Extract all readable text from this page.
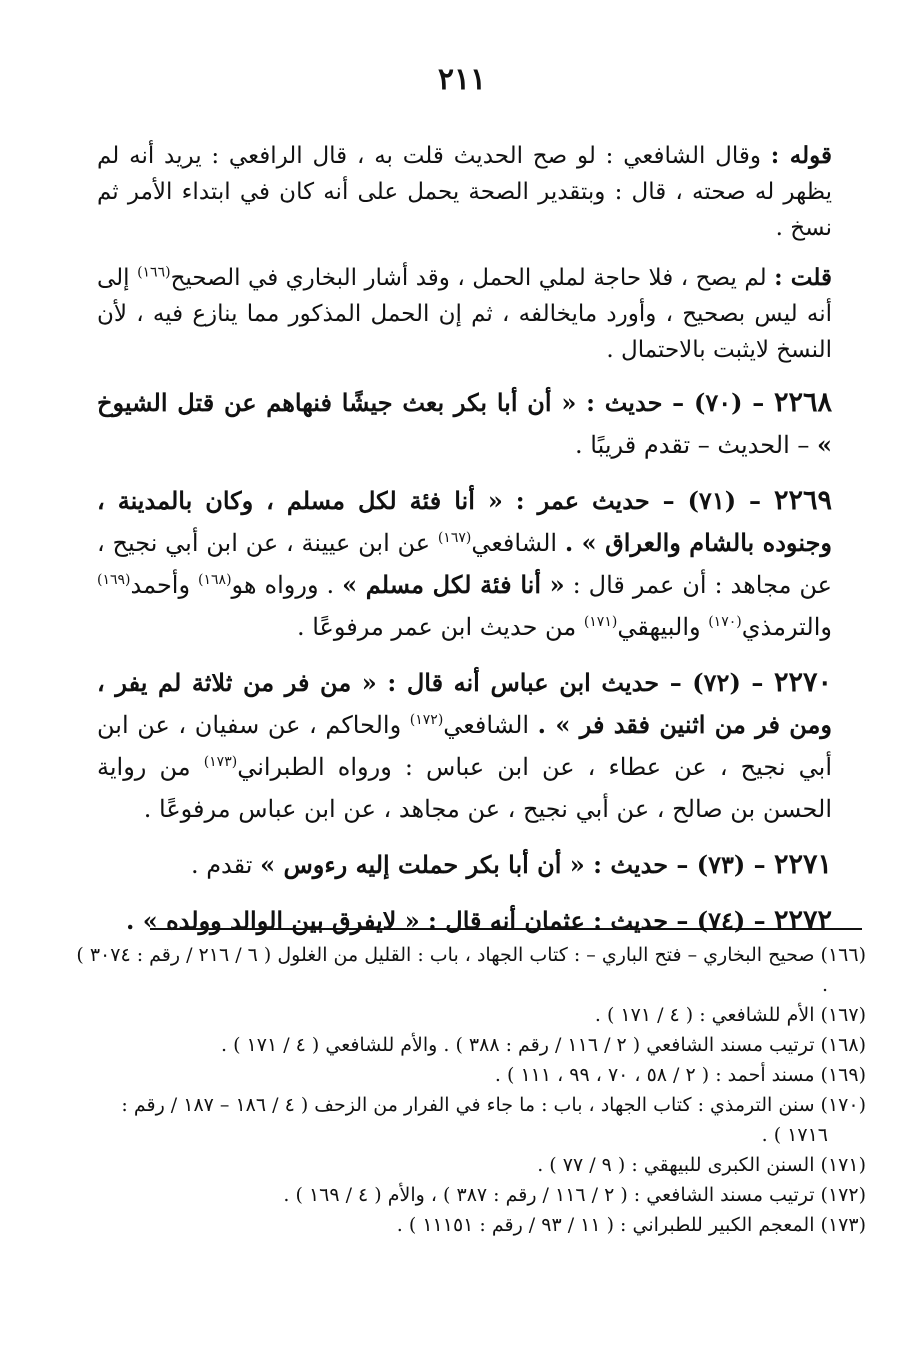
٢١١

قوله : وقال الشافعي : لو صح الحديث قلت به ، قال الرافعي : يريد أنه لم يظهر له صحته ، قال : وبتقدير الصحة يحمل على أنه كان في ابتداء الأمر ثم نسخ .

قلت : لم يصح ، فلا حاجة لملي الحمل ، وقد أشار البخاري في الصحيح$^{(١٦٦)}$ إلى أنه ليس بصحيح ، وأورد مايخالفه ، ثم إن الحمل المذكور مما ينازع فيه ، لأن النسخ لايثبت بالاحتمال .

٢٢٦٨ – (٧٠) – حديث : « أن أبا بكر بعث جيشًا فنهاهم عن قتل الشيوخ » – الحديث – تقدم قريبًا .

٢٢٦٩ – (٧١) – حديث عمر : « أنا فئة لكل مسلم ، وكان بالمدينة ، وجنوده بالشام والعراق » . الشافعي$^{(١٦٧)}$ عن ابن عيينة ، عن ابن أبي نجيح ، عن مجاهد : أن عمر قال : « أنا فئة لكل مسلم » . ورواه هو$^{(١٦٨)}$ وأحمد$^{(١٦٩)}$ والترمذي$^{(١٧٠)}$ والبيهقي$^{(١٧١)}$ من حديث ابن عمر مرفوعًا .

٢٢٧٠ – (٧٢) – حديث ابن عباس أنه قال : « من فر من ثلاثة لم يفر ، ومن فر من اثنين فقد فر » . الشافعي$^{(١٧٢)}$ والحاكم ، عن سفيان ، عن ابن أبي نجيح ، عن عطاء ، عن ابن عباس : ورواه الطبراني$^{(١٧٣)}$ من رواية الحسن بن صالح ، عن أبي نجيح ، عن مجاهد ، عن ابن عباس مرفوعًا .

٢٢٧١ – (٧٣) – حديث : « أن أبا بكر حملت إليه رءوس » تقدم .

٢٢٧٢ – (٧٤) – حديث : عثمان أنه قال : « لايفرق بين الوالد وولده » .

(١٦٦) صحيح البخاري – فتح الباري – : كتاب الجهاد ، باب : القليل من الغلول ( ٦ / ٢١٦ / رقم : ٣٠٧٤ ) .

(١٦٧) الأم للشافعي : ( ٤ / ١٧١ ) .

(١٦٨) ترتيب مسند الشافعي ( ٢ / ١١٦ / رقم : ٣٨٨ ) . والأم للشافعي ( ٤ / ١٧١ ) .

(١٦٩) مسند أحمد : ( ٢ / ٥٨ ، ٧٠ ، ٩٩ ، ١١١ ) .

(١٧٠) سنن الترمذي : كتاب الجهاد ، باب : ما جاء في الفرار من الزحف ( ٤ / ١٨٦ – ١٨٧ / رقم : ١٧١٦ ) .

(١٧١) السنن الكبرى للبيهقي : ( ٩ / ٧٧ ) .

(١٧٢) ترتيب مسند الشافعي : ( ٢ / ١١٦ / رقم : ٣٨٧ ) ، والأم ( ٤ / ١٦٩ ) .

(١٧٣) المعجم الكبير للطبراني : ( ١١ / ٩٣ / رقم : ١١١٥١ ) .
